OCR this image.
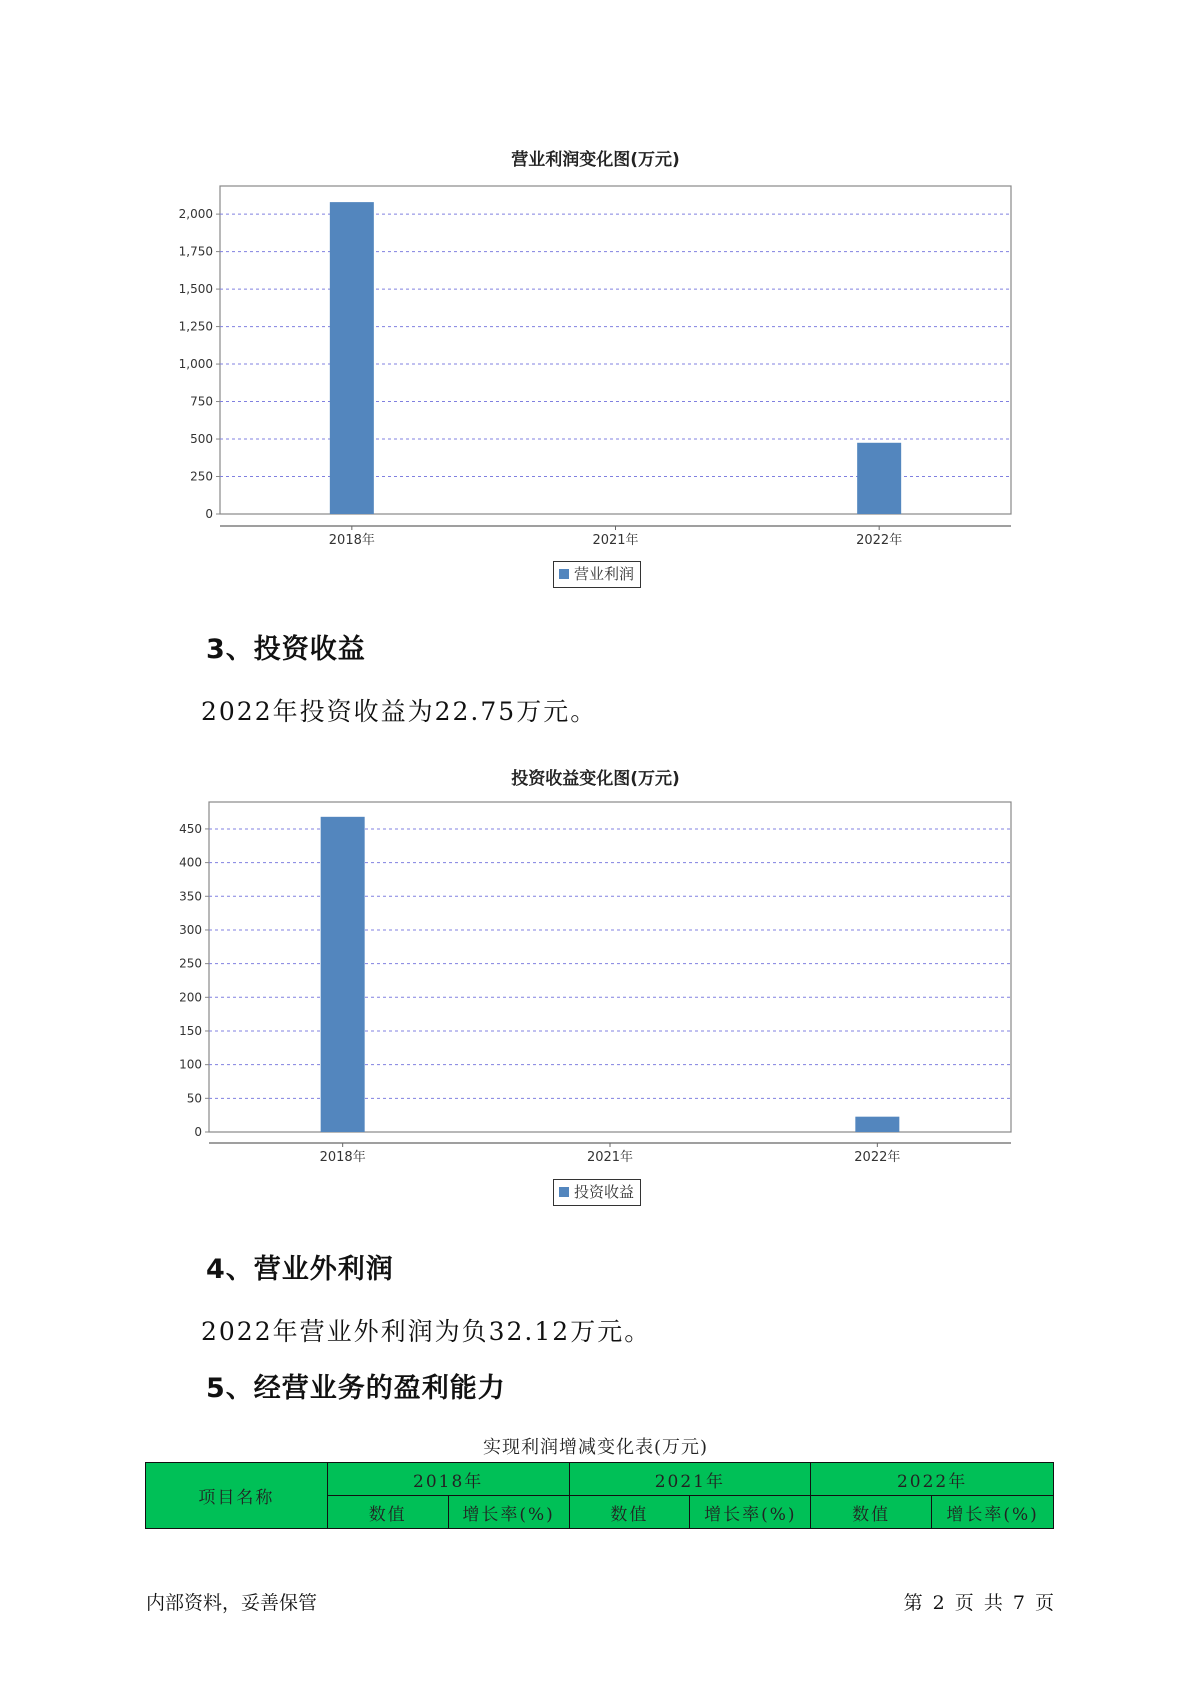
营业利润变化图(万元)
0
250
500
750
1,000
1,250
1,500
1,750
2,000
2018年	2021年	2022年
营业利润
3、投资收益
2022年投资收益为22.75万元。
投资收益变化图(万元)
0
50
100
150
200
250
300
350
400
450
2018年	2021年	2022年
投资收益
4、营业外利润
2022年营业外利润为负32.12万元。
5、经营业务的盈利能力
实现利润增减变化表(万元)
项目名称	2018年		2021年		2022年	
	数值	增长率(%)	数值	增长率(%)	数值	增长率(%)
内部资料，妥善保管	第 2 页 共 7 页
